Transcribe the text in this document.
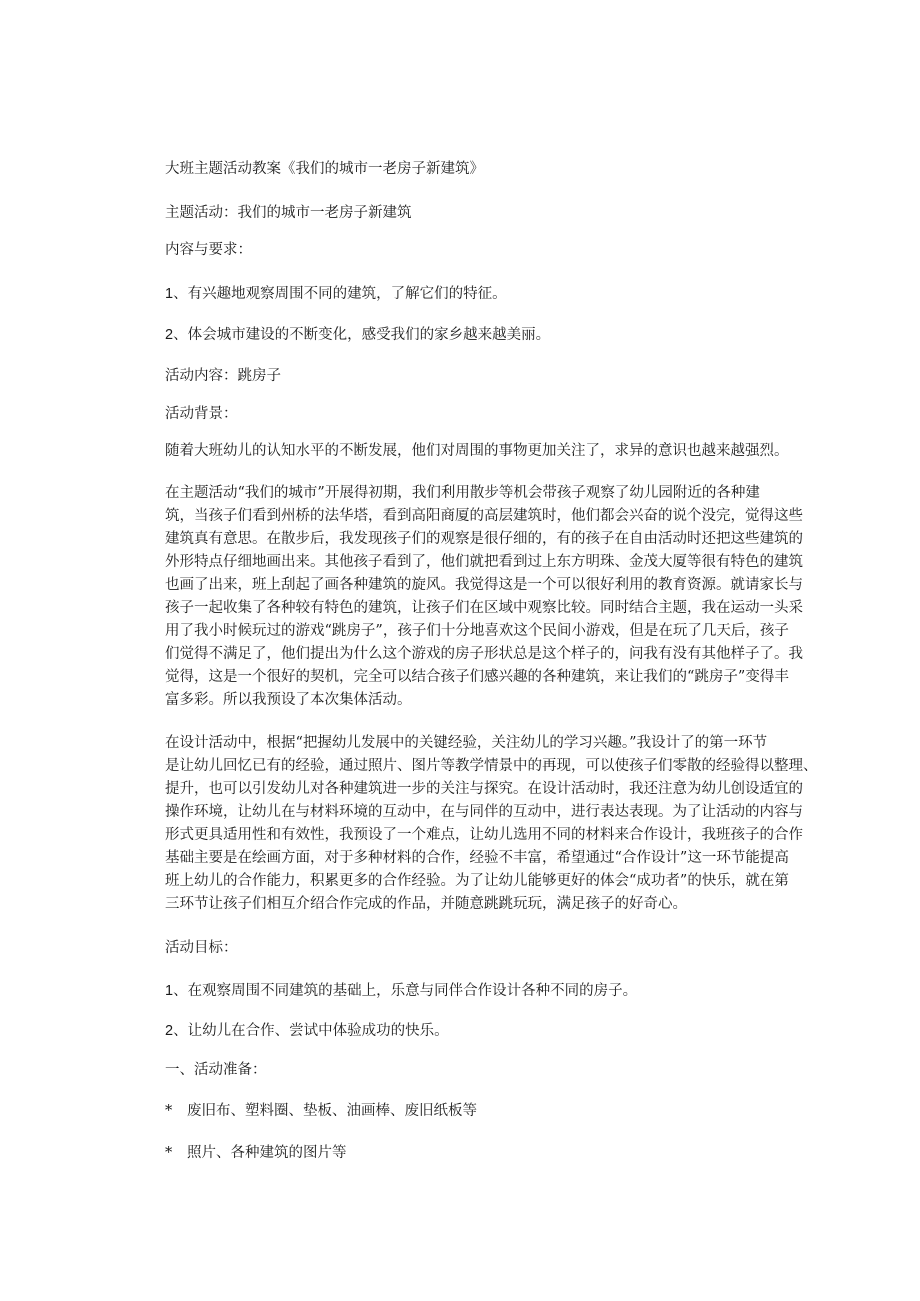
大班主题活动教案《我们的城市一老房子新建筑》
主题活动：我们的城市一老房子新建筑
内容与要求：
1、有兴趣地观察周围不同的建筑，了解它们的特征。
2、体会城市建设的不断变化，感受我们的家乡越来越美丽。
活动内容：跳房子
活动背景：
随着大班幼儿的认知水平的不断发展，他们对周围的事物更加关注了，求异的意识也越来越强烈。
在主题活动“我们的城市”开展得初期，我们利用散步等机会带孩子观察了幼儿园附近的各种建
筑，当孩子们看到州桥的法华塔，看到高阳商厦的高层建筑时，他们都会兴奋的说个没完，觉得这些
建筑真有意思。在散步后，我发现孩子们的观察是很仔细的，有的孩子在自由活动时还把这些建筑的
外形特点仔细地画出来。其他孩子看到了，他们就把看到过上东方明珠、金茂大厦等很有特色的建筑
也画了出来，班上刮起了画各种建筑的旋风。我觉得这是一个可以很好利用的教育资源。就请家长与
孩子一起收集了各种较有特色的建筑，让孩子们在区域中观察比较。同时结合主题，我在运动一头采
用了我小时候玩过的游戏“跳房子”，孩子们十分地喜欢这个民间小游戏，但是在玩了几天后，孩子
们觉得不满足了，他们提出为什么这个游戏的房子形状总是这个样子的，问我有没有其他样子了。我
觉得，这是一个很好的契机，完全可以结合孩子们感兴趣的各种建筑，来让我们的“跳房子”变得丰
富多彩。所以我预设了本次集体活动。
在设计活动中，根据“把握幼儿发展中的关键经验，关注幼儿的学习兴趣。”我设计了的第一环节
是让幼儿回忆已有的经验，通过照片、图片等教学情景中的再现，可以使孩子们零散的经验得以整理、
提升，也可以引发幼儿对各种建筑进一步的关注与探究。在设计活动时，我还注意为幼儿创设适宜的
操作环境，让幼儿在与材料环境的互动中，在与同伴的互动中，进行表达表现。为了让活动的内容与
形式更具适用性和有效性，我预设了一个难点，让幼儿选用不同的材料来合作设计，我班孩子的合作
基础主要是在绘画方面，对于多种材料的合作，经验不丰富，希望通过“合作设计”这一环节能提高
班上幼儿的合作能力，积累更多的合作经验。为了让幼儿能够更好的体会“成功者”的快乐，就在第
三环节让孩子们相互介绍合作完成的作品，并随意跳跳玩玩，满足孩子的好奇心。
活动目标：
1、在观察周围不同建筑的基础上，乐意与同伴合作设计各种不同的房子。
2、让幼儿在合作、尝试中体验成功的快乐。
一、活动准备：
* 废旧布、塑料圈、垫板、油画棒、废旧纸板等
* 照片、各种建筑的图片等
